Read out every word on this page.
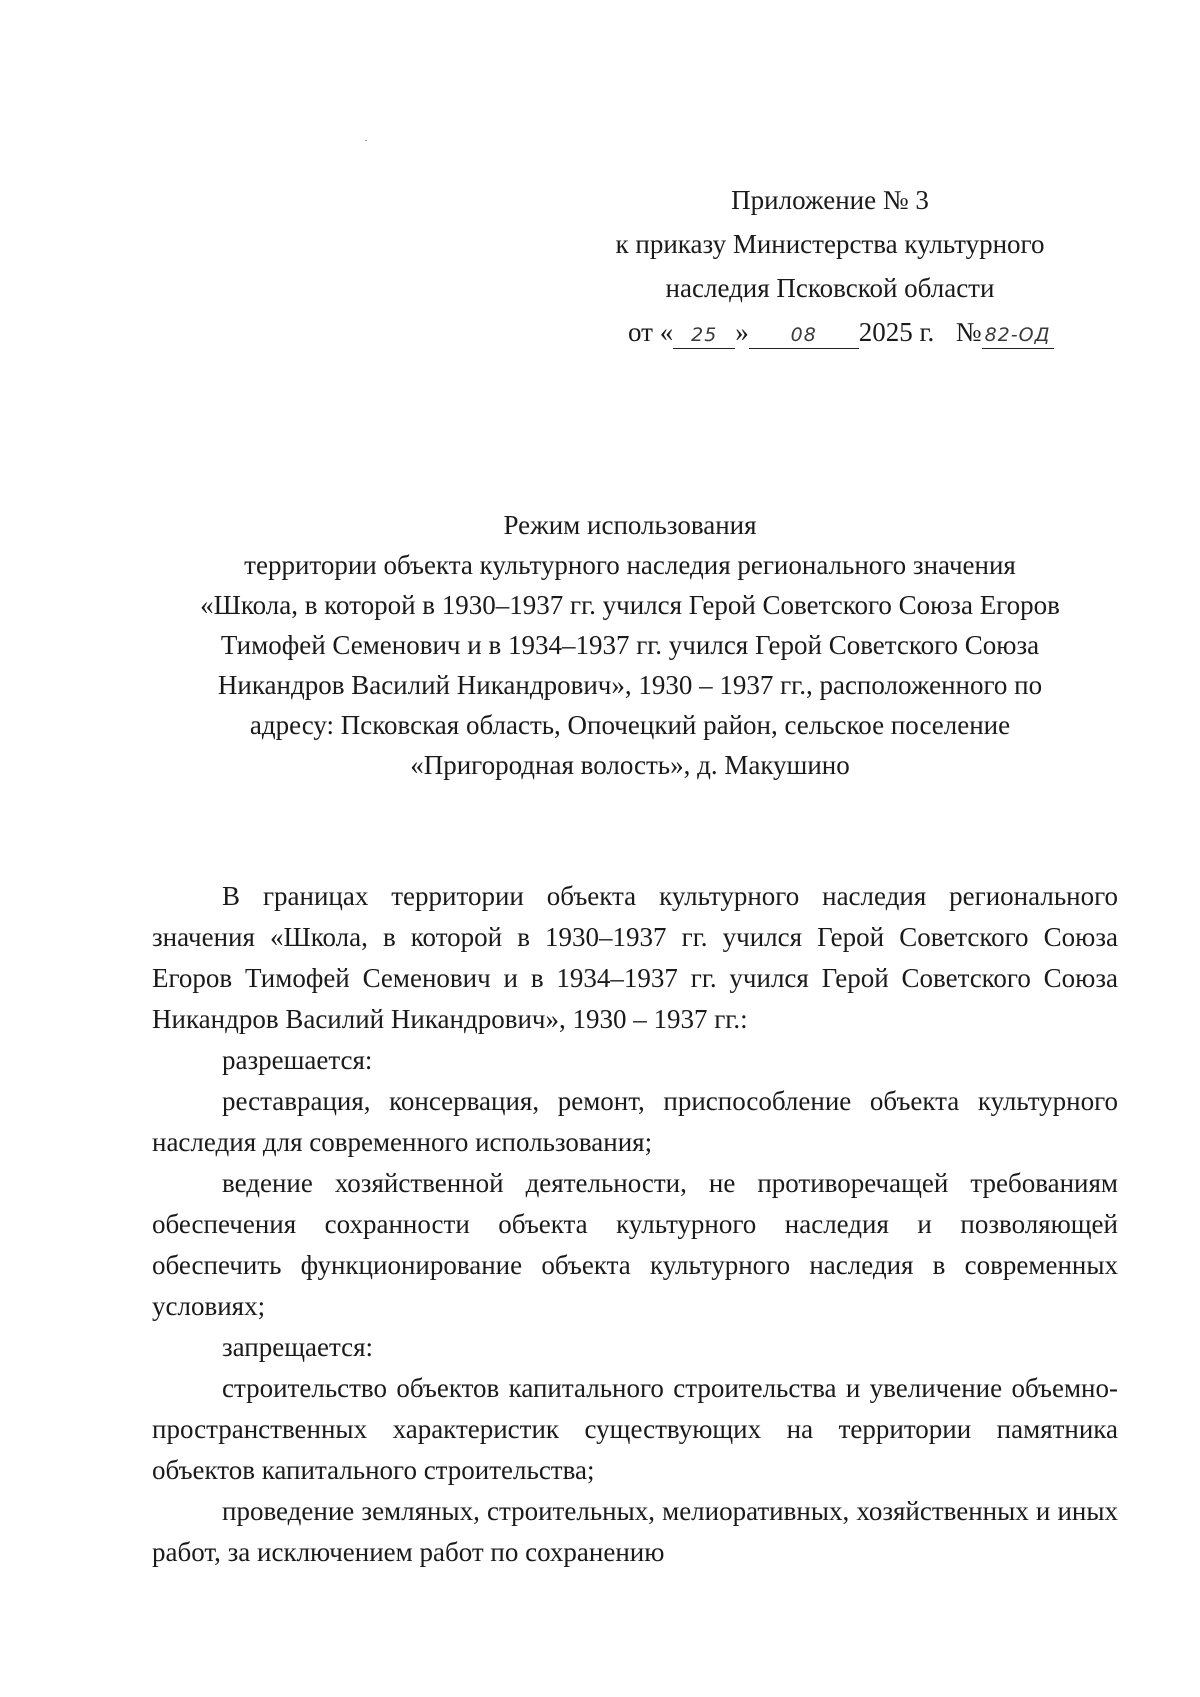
Приложение № 3
к приказу Министерства культурного
наследия Псковской области
от « 25 » 08 2025 г. № 82-ОД
Режим использования
территории объекта культурного наследия регионального значения
«Школа, в которой в 1930–1937 гг. учился Герой Советского Союза Егоров
Тимофей Семенович и в 1934–1937 гг. учился Герой Советского Союза
Никандров Василий Никандрович», 1930 – 1937 гг., расположенного по
адресу: Псковская область, Опочецкий район, сельское поселение
«Пригородная волость», д. Макушино

В границах территории объекта культурного наследия регионального значения «Школа, в которой в 1930–1937 гг. учился Герой Советского Союза Егоров Тимофей Семенович и в 1934–1937 гг. учился Герой Советского Союза Никандров Василий Никандрович», 1930 – 1937 гг.:

разрешается:

реставрация, консервация, ремонт, приспособление объекта культурного наследия для современного использования;

ведение хозяйственной деятельности, не противоречащей требованиям обеспечения сохранности объекта культурного наследия и позволяющей обеспечить функционирование объекта культурного наследия в современных условиях;

запрещается:

строительство объектов капитального строительства и увеличение объемно-пространственных характеристик существующих на территории памятника объектов капитального строительства;

проведение земляных, строительных, мелиоративных, хозяйственных и иных работ, за исключением работ по сохранению
